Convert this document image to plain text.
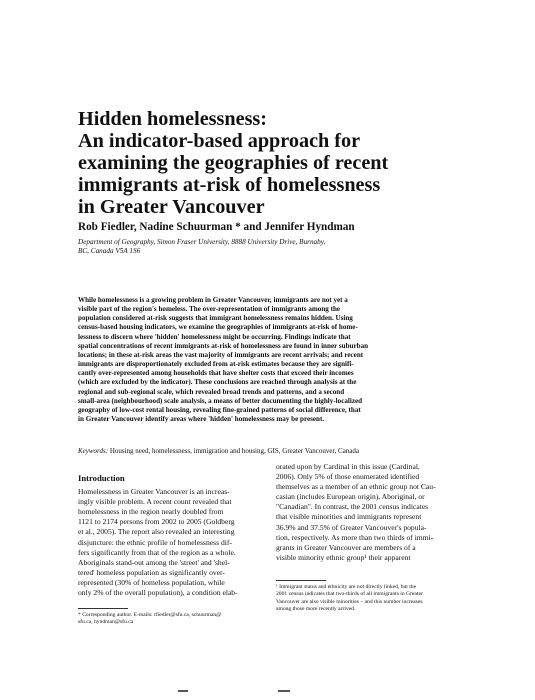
Hidden homelessness:
An indicator-based approach for
examining the geographies of recent
immigrants at-risk of homelessness
in Greater Vancouver
Rob Fiedler, Nadine Schuurman * and Jennifer Hyndman
Department of Geography, Simon Fraser University, 8888 University Drive, Burnaby,
BC, Canada V5A 1S6
While homelessness is a growing problem in Greater Vancouver, immigrants are not yet a
visible part of the region's homeless. The over-representation of immigrants among the
population considered at-risk suggests that immigrant homelessness remains hidden. Using
census-based housing indicators, we examine the geographies of immigrants at-risk of home-
lessness to discern where 'hidden' homelessness might be occurring. Findings indicate that
spatial concentrations of recent immigrants at-risk of homelessness are found in inner suburban
locations; in these at-risk areas the vast majority of immigrants are recent arrivals; and recent
immigrants are disproportionately excluded from at-risk estimates because they are signifi-
cantly over-represented among households that have shelter costs that exceed their incomes
(which are excluded by the indicator). These conclusions are reached through analysis at the
regional and sub-regional scale, which revealed broad trends and patterns, and a second
small-area (neighbourhood) scale analysis, a means of better documenting the highly-localized
geography of low-cost rental housing, revealing fine-grained patterns of social difference, that
in Greater Vancouver identify areas where 'hidden' homelessness may be present.
Keywords: Housing need, homelessness, immigration and housing, GIS, Greater Vancouver, Canada
Introduction
Homelessness in Greater Vancouver is an increas-
ingly visible problem. A recent count revealed that
homelessness in the region nearly doubled from
1121 to 2174 persons from 2002 to 2005 (Goldberg
et al., 2005). The report also revealed an interesting
disjuncture: the ethnic profile of homelessness dif-
fers significantly from that of the region as a whole.
Aboriginals stand-out among the 'street' and 'shel-
tered' homeless population as significantly over-
represented (30% of homeless population, while
only 2% of the overall population), a condition elab-
orated upon by Cardinal in this issue (Cardinal,
2006). Only 5% of those enumerated identified
themselves as a member of an ethnic group not Cau-
casian (includes European origin), Aboriginal, or
"Canadian". In contrast, the 2001 census indicates
that visible minorities and immigrants represent
36.9% and 37.5% of Greater Vancouver's popula-
tion, respectively. As more than two thirds of immi-
grants in Greater Vancouver are members of a
visible minority ethnic group¹ their apparent
¹ Immigrant status and ethnicity are not directly linked, but the
2001 census indicates that two-thirds of all immigrants in Greater
Vancouver are also visible minorities – and this number increases
among those more recently arrived.
* Corresponding author. E-mails: rfiedler@sfu.ca, schuurman@
sfu.ca, hyndman@sfu.ca
